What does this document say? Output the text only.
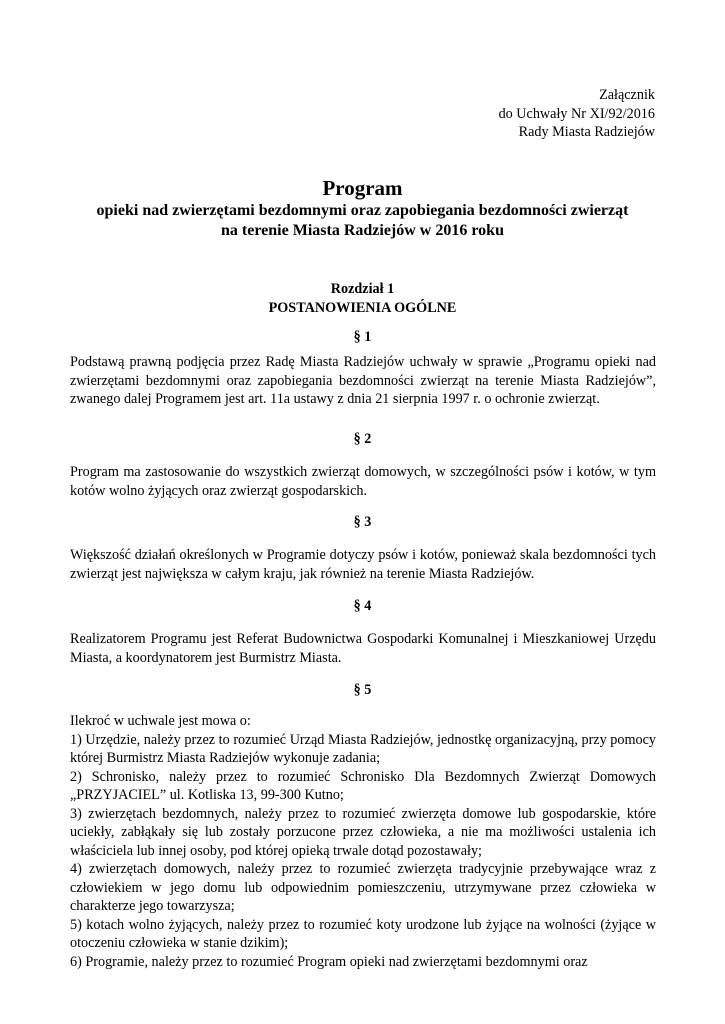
Załącznik
do Uchwały Nr XI/92/2016
Rady Miasta Radziejów
Program
opieki nad zwierzętami bezdomnymi oraz zapobiegania bezdomności zwierząt
na terenie Miasta Radziejów w 2016 roku
Rozdział 1
POSTANOWIENIA OGÓLNE
§ 1

Podstawą prawną podjęcia przez Radę Miasta Radziejów uchwały w sprawie „Programu opieki nad zwierzętami bezdomnymi oraz zapobiegania bezdomności zwierząt na terenie Miasta Radziejów”, zwanego dalej Programem jest art. 11a ustawy z dnia 21 sierpnia 1997 r. o ochronie zwierząt.

§ 2

Program ma zastosowanie do wszystkich zwierząt domowych, w szczególności psów i kotów, w tym kotów wolno żyjących oraz zwierząt gospodarskich.

§ 3

Większość działań określonych w Programie dotyczy psów i kotów, ponieważ skala bezdomności tych zwierząt jest największa w całym kraju, jak również na terenie Miasta Radziejów.

§ 4

Realizatorem Programu jest Referat Budownictwa Gospodarki Komunalnej i Mieszkaniowej Urzędu Miasta, a koordynatorem jest Burmistrz Miasta.

§ 5

Ilekroć w uchwale jest mowa o:

1) Urzędzie, należy przez to rozumieć Urząd Miasta Radziejów, jednostkę organizacyjną, przy pomocy której Burmistrz Miasta Radziejów wykonuje zadania;

2) Schronisko, należy przez to rozumieć Schronisko Dla Bezdomnych Zwierząt Domowych „PRZYJACIEL” ul. Kotliska 13, 99-300 Kutno;

3) zwierzętach bezdomnych, należy przez to rozumieć zwierzęta domowe lub gospodarskie, które uciekły, zabłąkały się lub zostały porzucone przez człowieka, a nie ma możliwości ustalenia ich właściciela lub innej osoby, pod której opieką trwale dotąd pozostawały;

4) zwierzętach domowych, należy przez to rozumieć zwierzęta tradycyjnie przebywające wraz z człowiekiem w jego domu lub odpowiednim pomieszczeniu, utrzymywane przez człowieka w charakterze jego towarzysza;

5) kotach wolno żyjących, należy przez to rozumieć koty urodzone lub żyjące na wolności (żyjące w otoczeniu człowieka w stanie dzikim);

6) Programie, należy przez to rozumieć Program opieki nad zwierzętami bezdomnymi oraz
